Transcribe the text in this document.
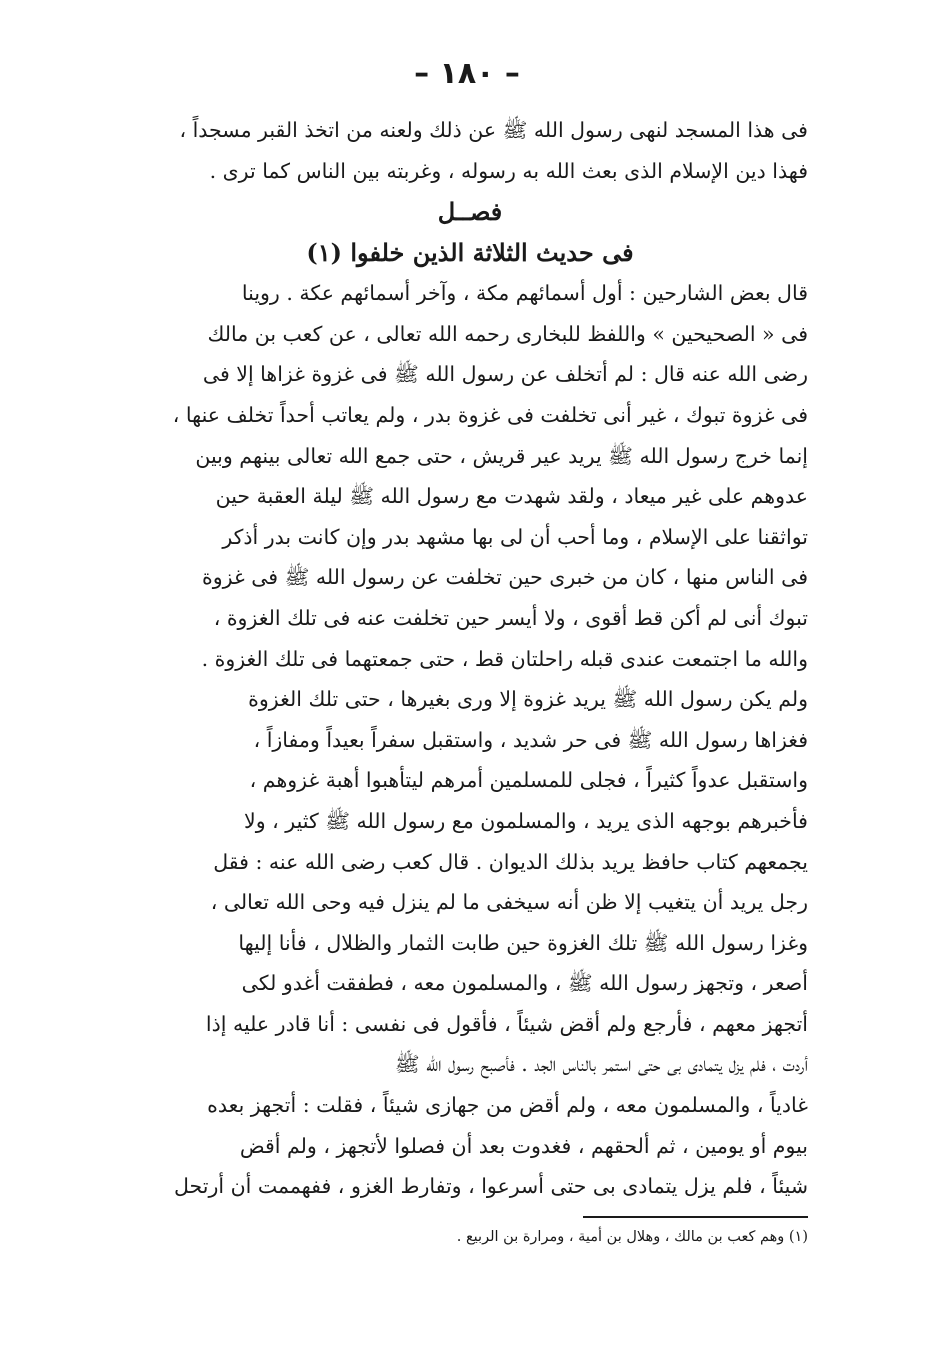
– ١٨٠ –
فى هذا المسجد لنهى رسول الله ﷺ عن ذلك ولعنه من اتخذ القبر مسجداً ،
فهذا دين الإسلام الذى بعث الله به رسوله ، وغربته بين الناس كما ترى .
فصــل
فى حديث الثلاثة الذين خلفوا (١)
قال بعض الشارحين : أول أسمائهم مكة ، وآخر أسمائهم عكة . روينا
فى « الصحيحين » واللفظ للبخارى رحمه الله تعالى ، عن كعب بن مالك
رضى الله عنه قال : لم أتخلف عن رسول الله ﷺ فى غزوة غزاها إلا فى
فى غزوة تبوك ، غير أنى تخلفت فى غزوة بدر ، ولم يعاتب أحداً تخلف عنها ،
إنما خرج رسول الله ﷺ يريد عير قريش ، حتى جمع الله تعالى بينهم وبين
عدوهم على غير ميعاد ، ولقد شهدت مع رسول الله ﷺ ليلة العقبة حين
تواثقنا على الإسلام ، وما أحب أن لى بها مشهد بدر وإن كانت بدر أذكر
فى الناس منها ، كان من خبرى حين تخلفت عن رسول الله ﷺ فى غزوة
تبوك أنى لم أكن قط أقوى ، ولا أيسر حين تخلفت عنه فى تلك الغزوة ،
والله ما اجتمعت عندى قبله راحلتان قط ، حتى جمعتهما فى تلك الغزوة .
ولم يكن رسول الله ﷺ يريد غزوة إلا ورى بغيرها ، حتى تلك الغزوة
فغزاها رسول الله ﷺ فى حر شديد ، واستقبل سفراً بعيداً ومفازاً ،
واستقبل عدواً كثيراً ، فجلى للمسلمين أمرهم ليتأهبوا أهبة غزوهم ،
فأخبرهم بوجهه الذى يريد ، والمسلمون مع رسول الله ﷺ كثير ، ولا
يجمعهم كتاب حافظ يريد بذلك الديوان . قال كعب رضى الله عنه : فقل
رجل يريد أن يتغيب إلا ظن أنه سيخفى ما لم ينزل فيه وحى الله تعالى ،
وغزا رسول الله ﷺ تلك الغزوة حين طابت الثمار والظلال ، فأنا إليها
أصعر ، وتجهز رسول الله ﷺ ، والمسلمون معه ، فطفقت أغدو لكى
أتجهز معهم ، فأرجع ولم أقض شيئاً ، فأقول فى نفسى : أنا قادر عليه إذا
أردت ، فلم يزل يتمادى بى حتى استمر بالناس الجد . فأصبح رسول الله ﷺ
غادياً ، والمسلمون معه ، ولم أقض من جهازى شيئاً ، فقلت : أتجهز بعده
بيوم أو يومين ، ثم ألحقهم ، فغدوت بعد أن فصلوا لأتجهز ، ولم أقض
شيئاً ، فلم يزل يتمادى بى حتى أسرعوا ، وتفارط الغزو ، ففهممت أن أرتحل
(١) وهم كعب بن مالك ، وهلال بن أمية ، ومرارة بن الربيع .
